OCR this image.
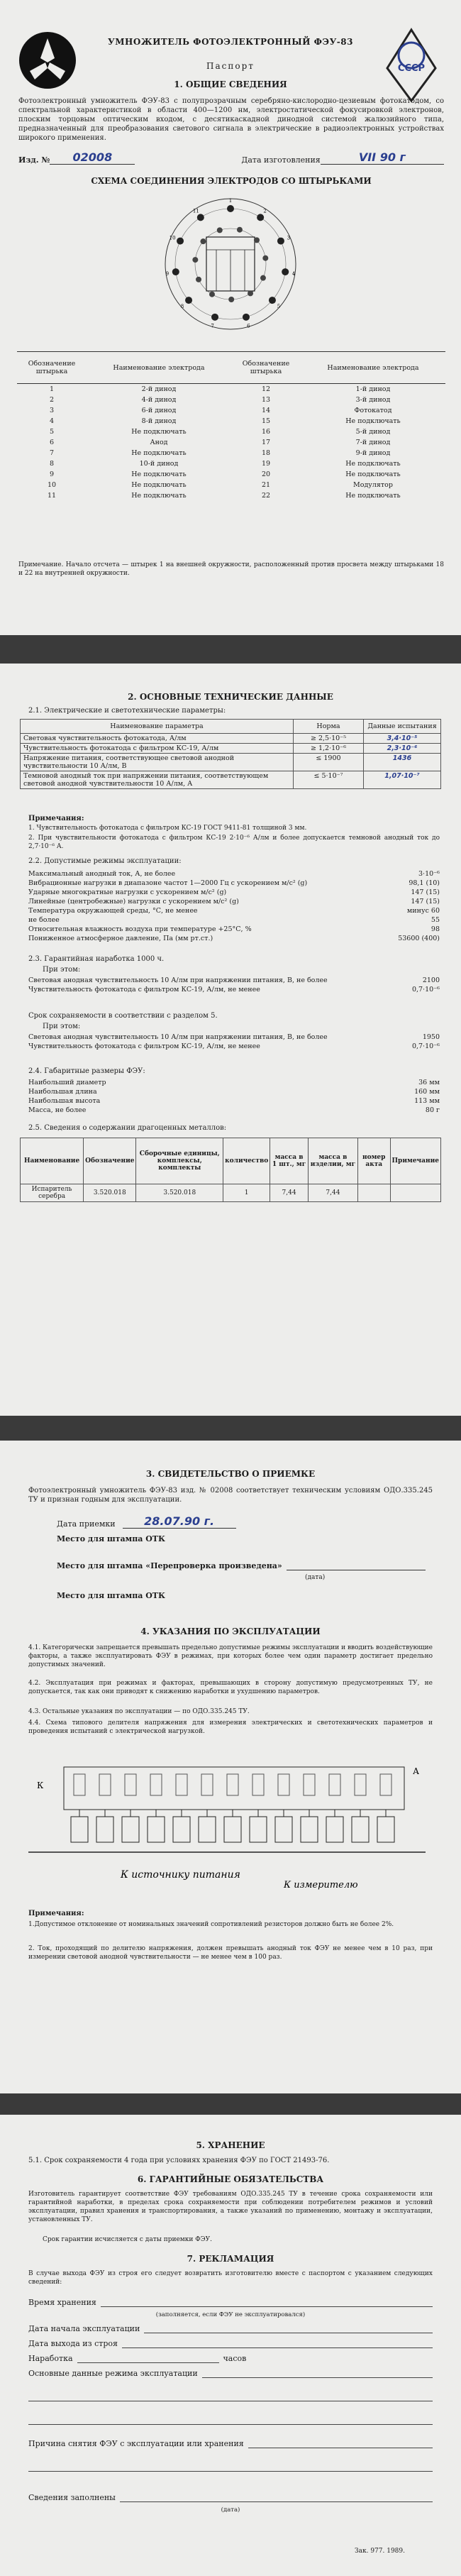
СССР
УМНОЖИТЕЛЬ ФОТОЭЛЕКТРОННЫЙ ФЭУ-83
Паспорт
1. ОБЩИЕ СВЕДЕНИЯ
Фотоэлектронный умножитель ФЭУ-83 с полупрозрачным серебряно-кислородно-цезиевым фотокатодом, со спектральной характеристикой в области 400—1200 нм, электростатической фокусировкой электронов, плоским торцовым оптическим входом, с десятикаскадной динодной системой жалюзийного типа, предназначенный для преобразования светового сигнала в электрические в радиоэлектронных устройствах широкого применения.
Изд. №	02008	Дата изготовления	VII 90 г
СХЕМА СОЕДИНЕНИЯ ЭЛЕКТРОДОВ СО ШТЫРЬКАМИ
1
2
3
4
5
6
7
8
9
10
11
Обозначение штырька	Наименование электрода	Обозначение штырька	Наименование электрода
1	2-й динод	12	1-й динод
2	4-й динод	13	3-й динод
3	6-й динод	14	Фотокатод
4	8-й динод	15	Не подключать
5	Не подключать	16	5-й динод
6	Анод	17	7-й динод
7	Не подключать	18	9-й динод
8	10-й динод	19	Не подключать
9	Не подключать	20	Не подключать
10	Не подключать	21	Модулятор
11	Не подключать	22	Не подключать
Примечание. Начало отсчета — штырек 1 на внешней окружности, расположенный против просвета между штырьками 18 и 22 на внутренней окружности.
2. ОСНОВНЫЕ ТЕХНИЧЕСКИЕ ДАННЫЕ
2.1. Электрические и светотехнические параметры:
Наименование параметра	Норма	Данные испытания
Световая чувствительность фотокатода, А/лм	≥ 2,5·10⁻⁵	3,4·10⁻⁵
Чувствительность фотокатода с фильтром КС-19, А/лм	≥ 1,2·10⁻⁶	2,3·10⁻⁶
Напряжение питания, соответствующее световой анодной чувствительности 10 А/лм, В	≤ 1900	1436
Темновой анодный ток при напряжении питания, соответствующем световой анодной чувствительности 10 А/лм, А	≤ 5·10⁻⁷	1,07·10⁻⁷
Примечания:
1. Чувствительность фотокатода с фильтром КС-19 ГОСТ 9411-81 толщиной 3 мм.
2. При чувствительности фотокатода с фильтром КС-19 2·10⁻⁶ А/лм и более допускается темновой анодный ток до 2,7·10⁻⁶ А.
2.2. Допустимые режимы эксплуатации:
Максимальный анодный ток, А, не более	3·10⁻⁶
Вибрационные нагрузки в диапазоне частот 1—2000 Гц с ускорением м/с² (g)	98,1 (10)
Ударные многократные нагрузки с ускорением м/с² (g)	147 (15)
Линейные (центробежные) нагрузки с ускорением м/с² (g)	147 (15)
Температура окружающей среды, °С, не менее	минус 60
не более	55
Относительная влажность воздуха при температуре +25°С, %	98
Пониженное атмосферное давление, Па (мм рт.ст.)	53600 (400)
2.3. Гарантийная наработка 1000 ч.
При этом:
Световая анодная чувствительность 10 А/лм при напряжении питания, В, не более	2100
Чувствительность фотокатода с фильтром КС-19, А/лм, не менее	0,7·10⁻⁶
Срок сохраняемости в соответствии с разделом 5.
При этом:
Световая анодная чувствительность 10 А/лм при напряжении питания, В, не более	1950
Чувствительность фотокатода с фильтром КС-19, А/лм, не менее	0,7·10⁻⁶
2.4. Габаритные размеры ФЭУ:
Наибольший диаметр	36 мм
Наибольшая длина	160 мм
Наибольшая высота	113 мм
Масса, не более	80 г
2.5. Сведения о содержании драгоценных металлов:
Наименование	Обозначение	Сборочные единицы, комплексы, комплекты	количество	масса в 1 шт., мг	масса в изделии, мг	номер акта	Примечание
Испаритель серебра	3.520.018	3.520.018	1	7,44	7,44		
3. СВИДЕТЕЛЬСТВО О ПРИЕМКЕ
Фотоэлектронный умножитель ФЭУ-83 изд. № 02008 соответствует техническим условиям ОДО.335.245 ТУ и признан годным для эксплуатации.
Дата приемки	28.07.90 г.
Место для штампа ОТК
Место для штампа «Перепроверка произведена»
(дата)
Место для штампа ОТК
4. УКАЗАНИЯ ПО ЭКСПЛУАТАЦИИ
4.1. Категорически запрещается превышать предельно допустимые режимы эксплуатации и вводить воздействующие факторы, а также эксплуатировать ФЭУ в режимах, при которых более чем один параметр достигает предельно допустимых значений.
4.2. Эксплуатация при режимах и факторах, превышающих в сторону допустимую предусмотренных ТУ, не допускается, так как они приводят к снижению наработки и ухудшению параметров.
4.3. Остальные указания по эксплуатации — по ОДО.335.245 ТУ.
4.4. Схема типового делителя напряжения для измерения электрических и светотехнических параметров и проведения испытаний с электрической нагрузкой.
К
А
К источнику питания
К измерителю
Примечания:
1.Допустимое отклонение от номинальных значений сопротивлений резисторов должно быть не более 2%.
2. Ток, проходящий по делителю напряжения, должен превышать анодный ток ФЭУ не менее чем в 10 раз, при измерении световой анодной чувствительности — не менее чем в 100 раз.
5. ХРАНЕНИЕ
5.1. Срок сохраняемости 4 года при условиях хранения ФЭУ по ГОСТ 21493-76.
6. ГАРАНТИЙНЫЕ ОБЯЗАТЕЛЬСТВА
Изготовитель гарантирует соответствие ФЭУ требованиям ОДО.335.245 ТУ в течение срока сохраняемости или гарантийной наработки, в пределах срока сохраняемости при соблюдении потребителем режимов и условий эксплуатации, правил хранения и транспортирования, а также указаний по применению, монтажу и эксплуатации, установленных ТУ.
Срок гарантии исчисляется с даты приемки ФЭУ.
7. РЕКЛАМАЦИЯ
В случае выхода ФЭУ из строя его следует возвратить изготовителю вместе с паспортом с указанием следующих сведений:
Время хранения
(заполняется, если ФЭУ не эксплуатировался)
Дата начала эксплуатации
Дата выхода из строя
Наработка	часов
Основные данные режима эксплуатации
Причина снятия ФЭУ с эксплуатации или хранения
Сведения заполнены
(дата)
Зак. 977. 1989.
